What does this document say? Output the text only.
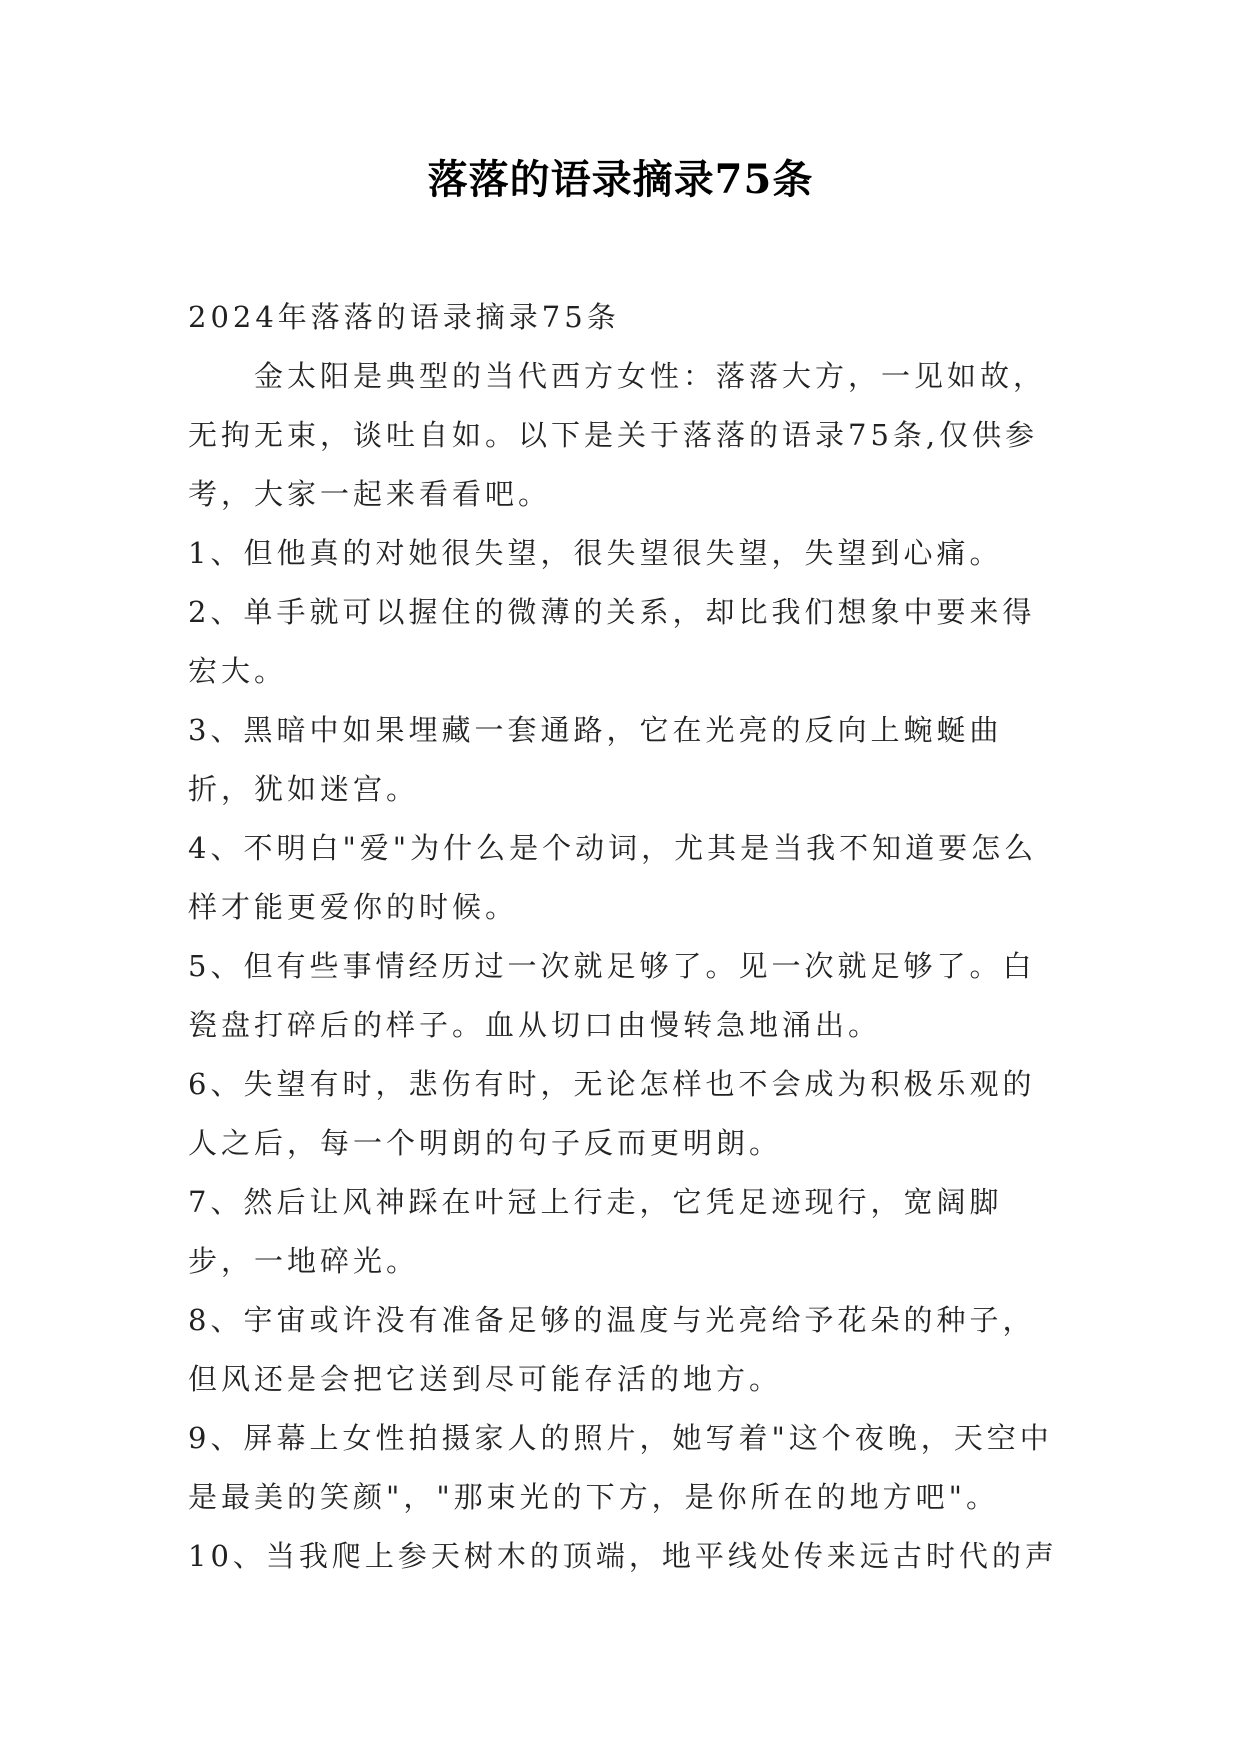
落落的语录摘录75条

2024年落落的语录摘录75条

金太阳是典型的当代西方女性：落落大方，一见如故，无拘无束，谈吐自如。以下是关于落落的语录75条,仅供参考，大家一起来看看吧。

1、但他真的对她很失望，很失望很失望，失望到心痛。

2、单手就可以握住的微薄的关系，却比我们想象中要来得宏大。

3、黑暗中如果埋藏一套通路，它在光亮的反向上蜿蜒曲折，犹如迷宫。

4、不明白"爱"为什么是个动词，尤其是当我不知道要怎么样才能更爱你的时候。

5、但有些事情经历过一次就足够了。见一次就足够了。白瓷盘打碎后的样子。血从切口由慢转急地涌出。

6、失望有时，悲伤有时，无论怎样也不会成为积极乐观的人之后，每一个明朗的句子反而更明朗。

7、然后让风神踩在叶冠上行走，它凭足迹现行，宽阔脚步，一地碎光。

8、宇宙或许没有准备足够的温度与光亮给予花朵的种子，但风还是会把它送到尽可能存活的地方。

9、屏幕上女性拍摄家人的照片，她写着"这个夜晚，天空中是最美的笑颜"，"那束光的下方，是你所在的地方吧"。

10、当我爬上参天树木的顶端，地平线处传来远古时代的声
